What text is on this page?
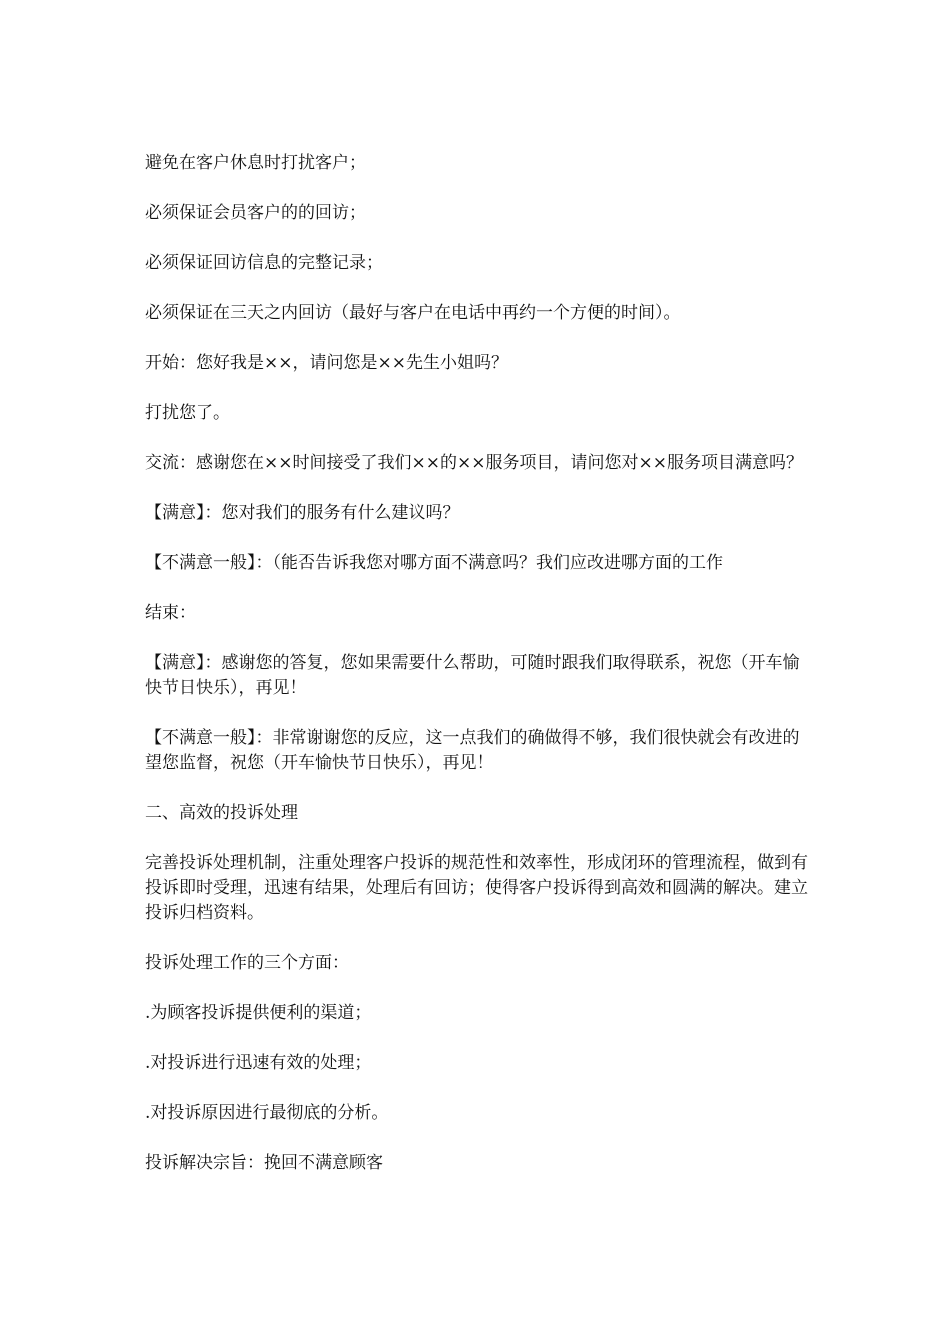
避免在客户休息时打扰客户；

必须保证会员客户的的回访；

必须保证回访信息的完整记录；

必须保证在三天之内回访（最好与客户在电话中再约一个方便的时间）。

开始：您好我是××，请问您是××先生小姐吗？

打扰您了。

交流：感谢您在××时间接受了我们××的××服务项目，请问您对××服务项目满意吗？

【满意】：您对我们的服务有什么建议吗？

【不满意一般】：（能否告诉我您对哪方面不满意吗？我们应改进哪方面的工作

结束：

【满意】：感谢您的答复，您如果需要什么帮助，可随时跟我们取得联系，祝您（开车愉快节日快乐），再见！

【不满意一般】：非常谢谢您的反应，这一点我们的确做得不够，我们很快就会有改进的望您监督，祝您（开车愉快节日快乐），再见！

二、高效的投诉处理

完善投诉处理机制，注重处理客户投诉的规范性和效率性，形成闭环的管理流程，做到有投诉即时受理，迅速有结果，处理后有回访；使得客户投诉得到高效和圆满的解决。建立投诉归档资料。

投诉处理工作的三个方面：

.为顾客投诉提供便利的渠道；

.对投诉进行迅速有效的处理；

.对投诉原因进行最彻底的分析。

投诉解决宗旨：挽回不满意顾客
